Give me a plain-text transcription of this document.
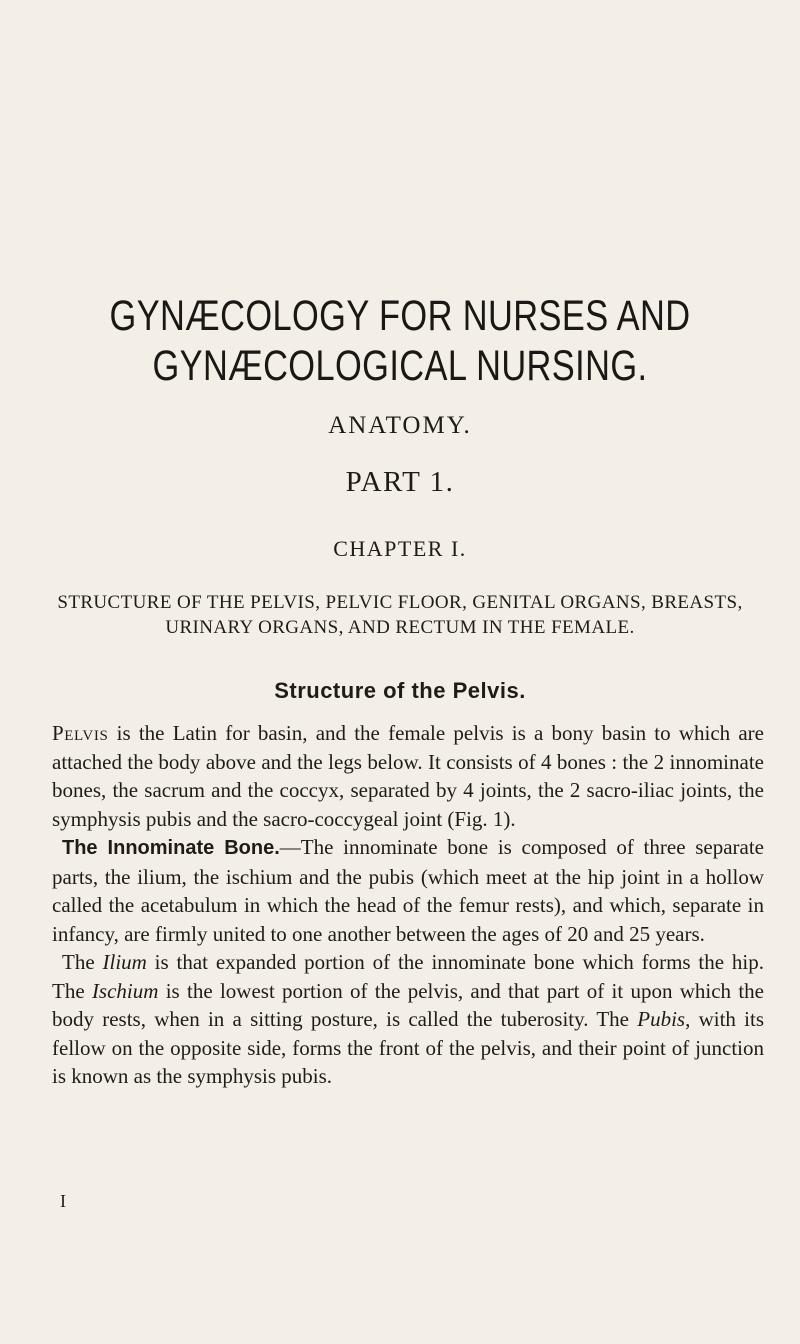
GYNÆCOLOGY FOR NURSES AND
GYNÆCOLOGICAL NURSING.
ANATOMY.
PART 1.
CHAPTER I.
STRUCTURE OF THE PELVIS, PELVIC FLOOR, GENITAL ORGANS, BREASTS, URINARY ORGANS, AND RECTUM IN THE FEMALE.
Structure of the Pelvis.

Pelvis is the Latin for basin, and the female pelvis is a bony basin to which are attached the body above and the legs below. It consists of 4 bones : the 2 innominate bones, the sacrum and the coccyx, separated by 4 joints, the 2 sacro-iliac joints, the symphysis pubis and the sacro-coccygeal joint (Fig. 1).

The Innominate Bone.—The innominate bone is composed of three separate parts, the ilium, the ischium and the pubis (which meet at the hip joint in a hollow called the acetabulum in which the head of the femur rests), and which, separate in infancy, are firmly united to one another between the ages of 20 and 25 years.

The Ilium is that expanded portion of the innominate bone which forms the hip. The Ischium is the lowest portion of the pelvis, and that part of it upon which the body rests, when in a sitting posture, is called the tuberosity. The Pubis, with its fellow on the opposite side, forms the front of the pelvis, and their point of junction is known as the symphysis pubis.

I
